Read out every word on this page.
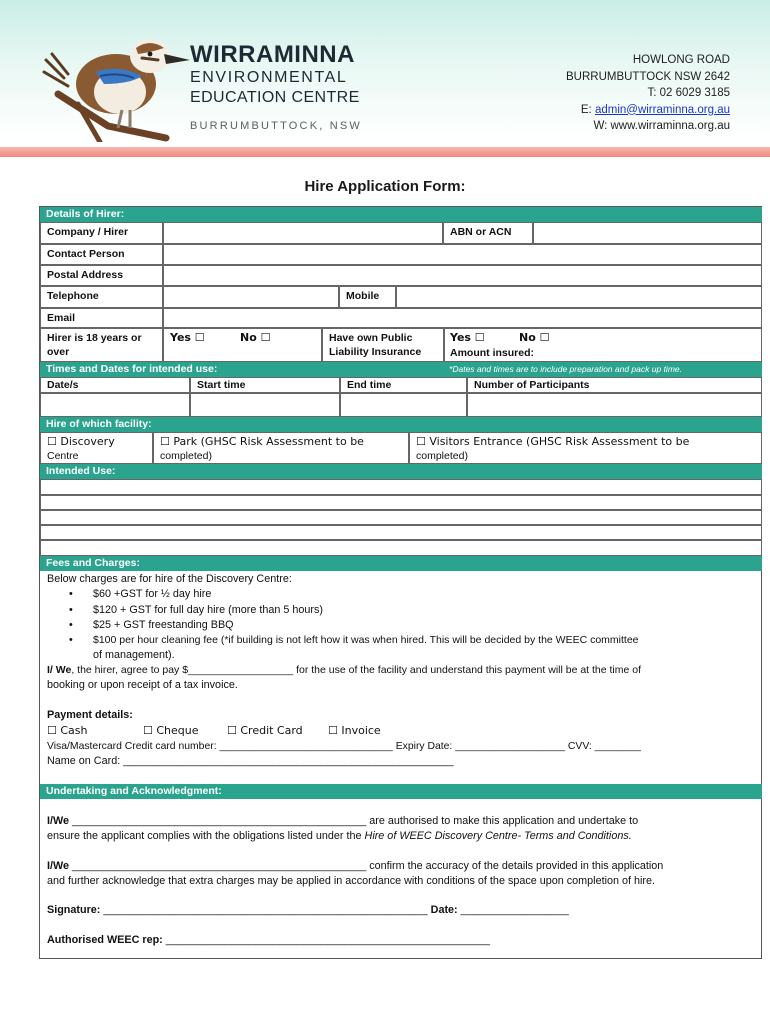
WIRRAMINNA
ENVIRONMENTAL
EDUCATION CENTRE
BURRUMBUTTOCK, NSW
HOWLONG ROAD
BURRUMBUTTOCK NSW 2642
T: 02 6029 3185
E: admin@wirraminna.org.au
W: www.wirraminna.org.au
Hire Application Form:
Details of Hirer:
Company / Hirer	ABN or ACN
Contact Person
Postal Address
Telephone	Mobile
Email
Hirer is 18 years or
over
Yes ☐	No ☐	Have own Public
Liability Insurance
Yes ☐	No ☐
Amount insured:
Times and Dates for intended use:	*Dates and times are to include preparation and pack up time.
Date/s	Start time	End time	Number of Participants
Hire of which facility:
☐ Discovery
Centre
☐ Park (GHSC Risk Assessment to be
completed)
☐ Visitors Entrance (GHSC Risk Assessment to be
completed)
Intended Use:
Fees and Charges:
Below charges are for hire of the Discovery Centre:
• $60 +GST for ½ day hire
• $120 + GST for full day hire (more than 5 hours)
• $25 + GST freestanding BBQ
• $100 per hour cleaning fee (*if building is not left how it was when hired. This will be decided by the WEEC committee
of management).
I/ We, the hirer, agree to pay $__________________ for the use of the facility and understand this payment will be at the time of
booking or upon receipt of a tax invoice.
Payment details:
☐ Cash	☐ Cheque	☐ Credit Card ☐ Invoice
Visa/Mastercard Credit card number: ______________________________ Expiry Date: ___________________ CVV: ________
Name on Card: _______________________________________________________
Undertaking and Acknowledgment:
I/We _________________________________________________ are authorised to make this application and undertake to
ensure the applicant complies with the obligations listed under the Hire of WEEC Discovery Centre- Terms and Conditions.
I/We _________________________________________________ confirm the accuracy of the details provided in this application
and further acknowledge that extra charges may be applied in accordance with conditions of the space upon completion of hire.
Signature: ______________________________________________________ Date: __________________
Authorised WEEC rep: ______________________________________________________
